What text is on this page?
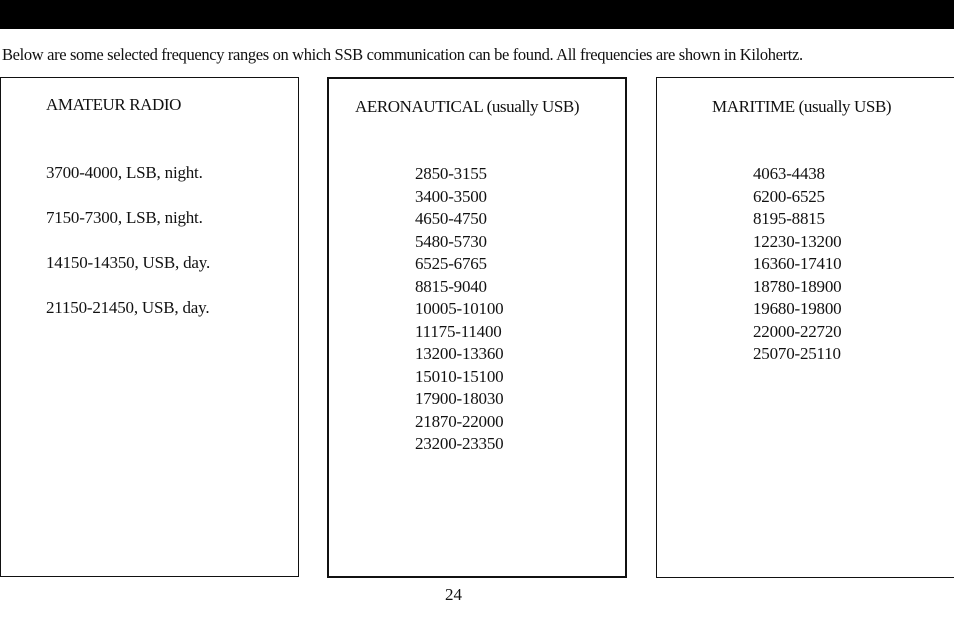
Below are some selected frequency ranges on which SSB communication can be found. All frequencies are shown in Kilohertz.
AMATEUR RADIO
3700-4000, LSB, night.
7150-7300, LSB, night.
14150-14350, USB, day.
21150-21450, USB, day.
AERONAUTICAL (usually USB)
2850-3155
3400-3500
4650-4750
5480-5730
6525-6765
8815-9040
10005-10100
11175-11400
13200-13360
15010-15100
17900-18030
21870-22000
23200-23350
MARITIME (usually USB)
4063-4438
6200-6525
8195-8815
12230-13200
16360-17410
18780-18900
19680-19800
22000-22720
25070-25110
24
